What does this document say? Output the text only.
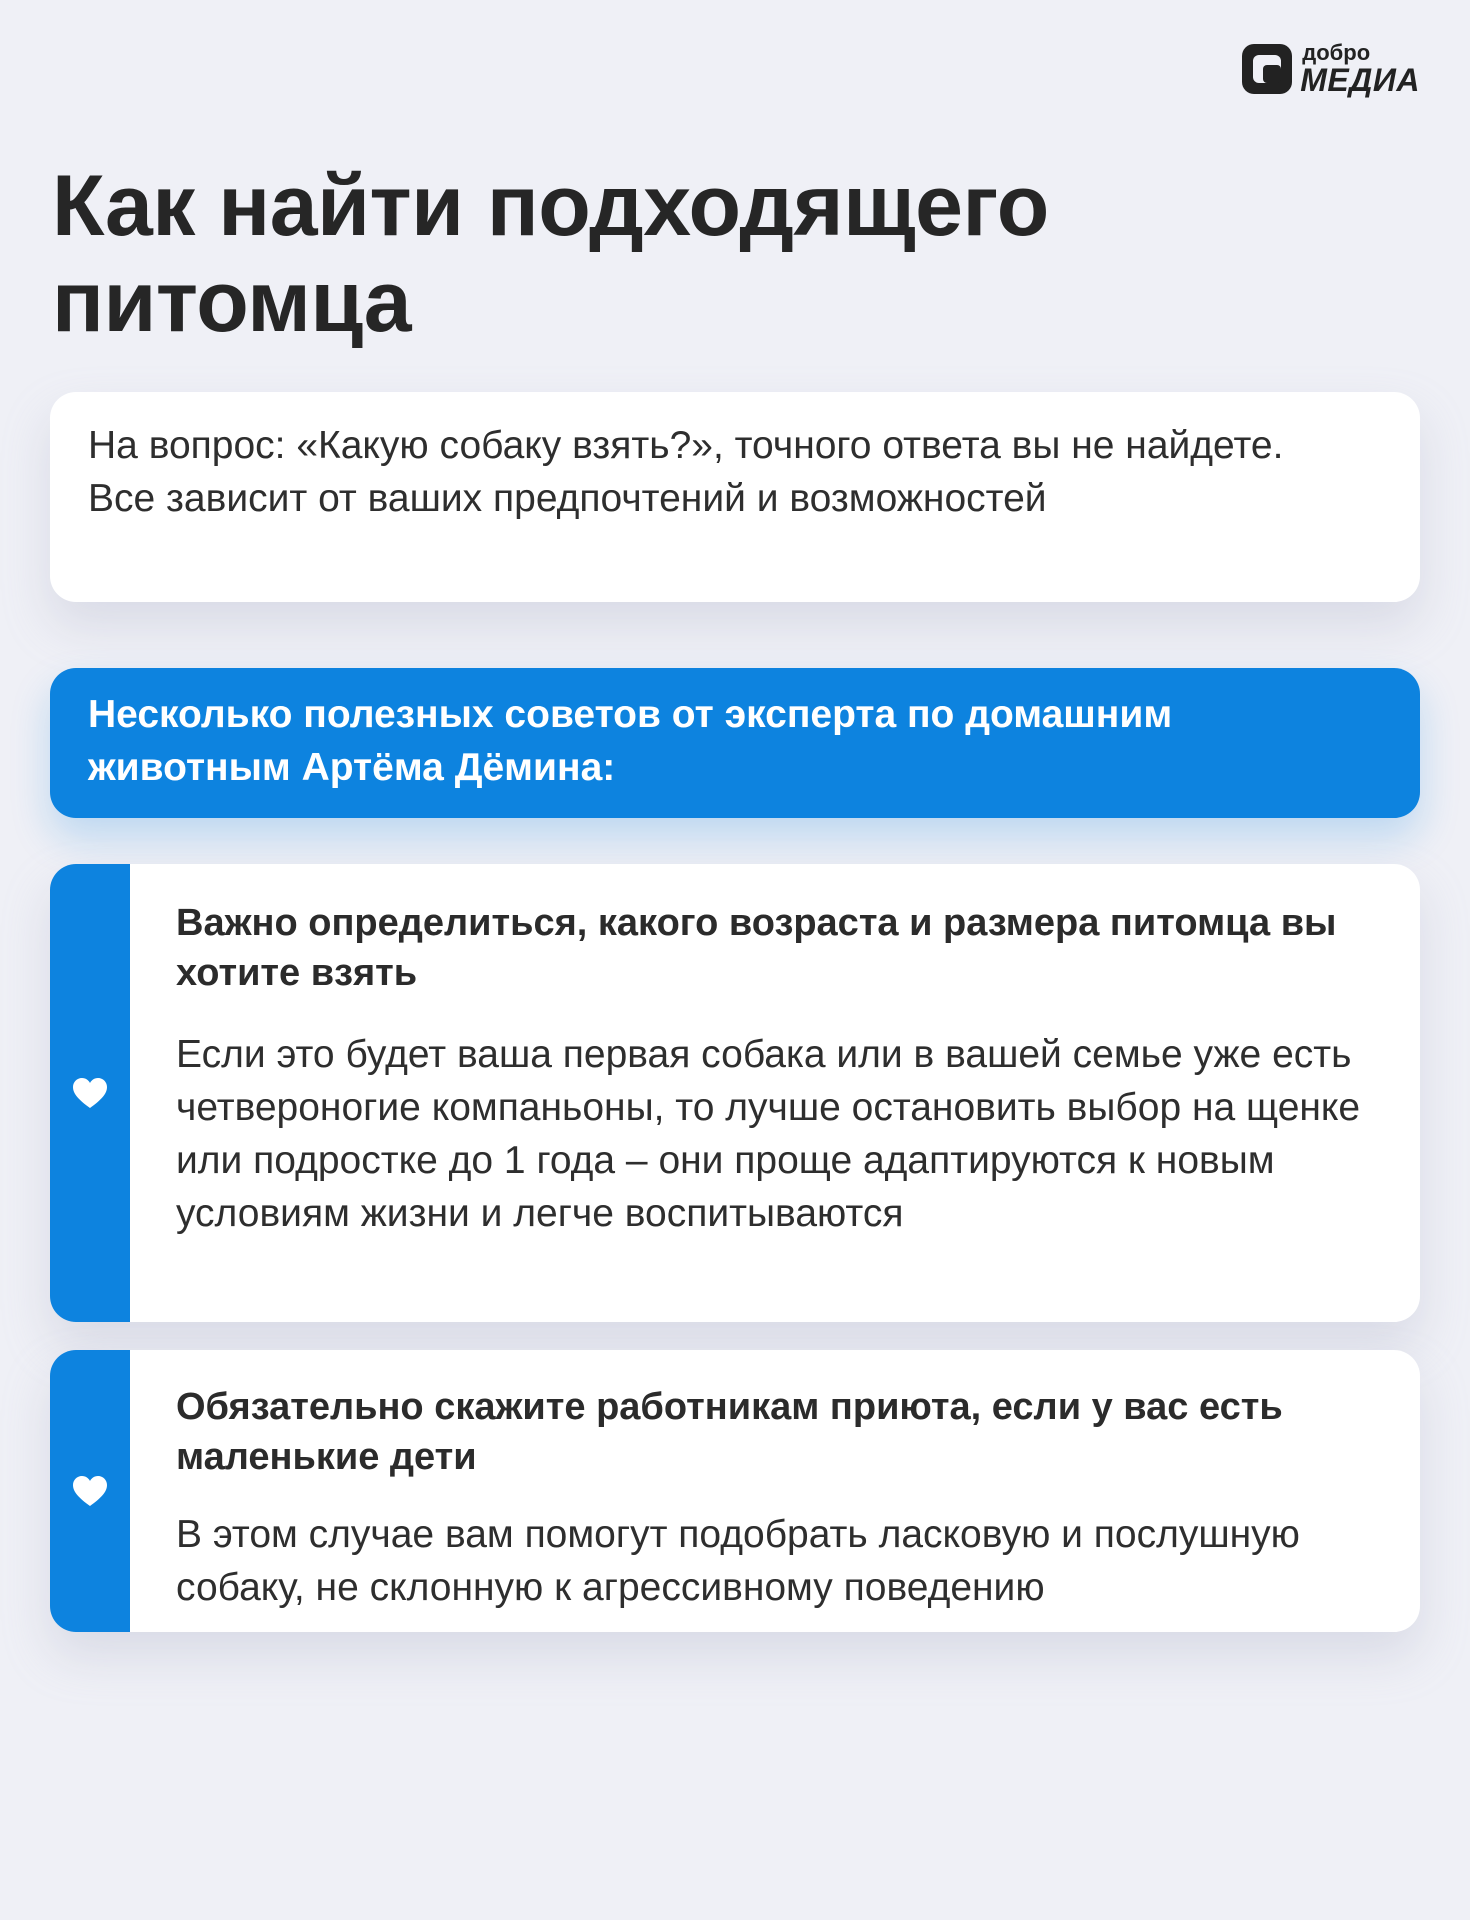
добро
МЕДИА
Как найти подходящего питомца

На вопрос: «Какую собаку взять?», точного ответа вы не найдете. Все зависит от ваших предпочтений и возможностей

Несколько полезных советов от эксперта по домашним животным Артёма Дёмина:

Важно определиться, какого возраста и размера питомца вы хотите взять

Если это будет ваша первая собака или в вашей семье уже есть четвероногие компаньоны, то лучше остановить выбор на щенке или подростке до 1 года – они проще адаптируются к новым условиям жизни и легче воспитываются

Обязательно скажите работникам приюта, если у вас есть маленькие дети

В этом случае вам помогут подобрать ласковую и послушную собаку, не склонную к агрессивному поведению
